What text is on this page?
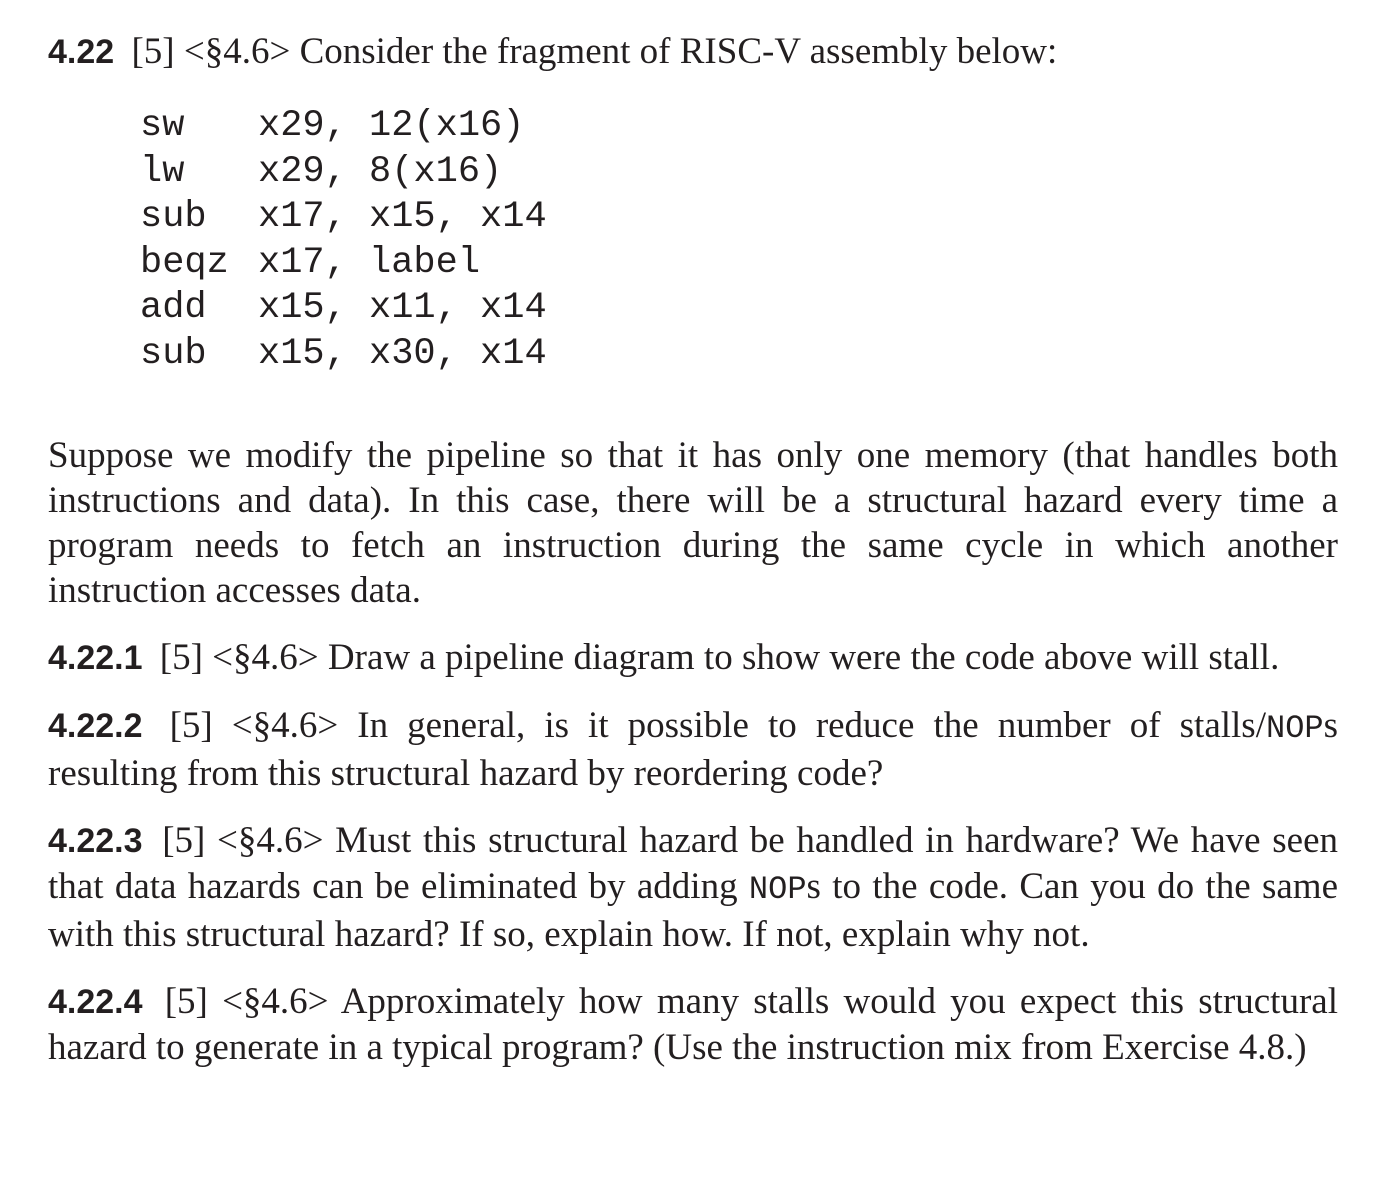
4.22 [5] <§4.6> Consider the fragment of RISC-V assembly below:

sw	x29, 12(x16)
lw	x29, 8(x16)
sub	x17, x15, x14
beqz x17, label
add	x15, x11, x14
sub	x15, x30, x14

Suppose we modify the pipeline so that it has only one memory (that handles both instructions and data). In this case, there will be a structural hazard every time a program needs to fetch an instruction during the same cycle in which another instruction accesses data.

4.22.1 [5] <§4.6> Draw a pipeline diagram to show were the code above will stall.

4.22.2 [5] <§4.6> In general, is it possible to reduce the number of stalls/NOPs resulting from this structural hazard by reordering code?

4.22.3 [5] <§4.6> Must this structural hazard be handled in hardware? We have seen that data hazards can be eliminated by adding NOPs to the code. Can you do the same with this structural hazard? If so, explain how. If not, explain why not.

4.22.4 [5] <§4.6> Approximately how many stalls would you expect this structural hazard to generate in a typical program? (Use the instruction mix from Exercise 4.8.)
